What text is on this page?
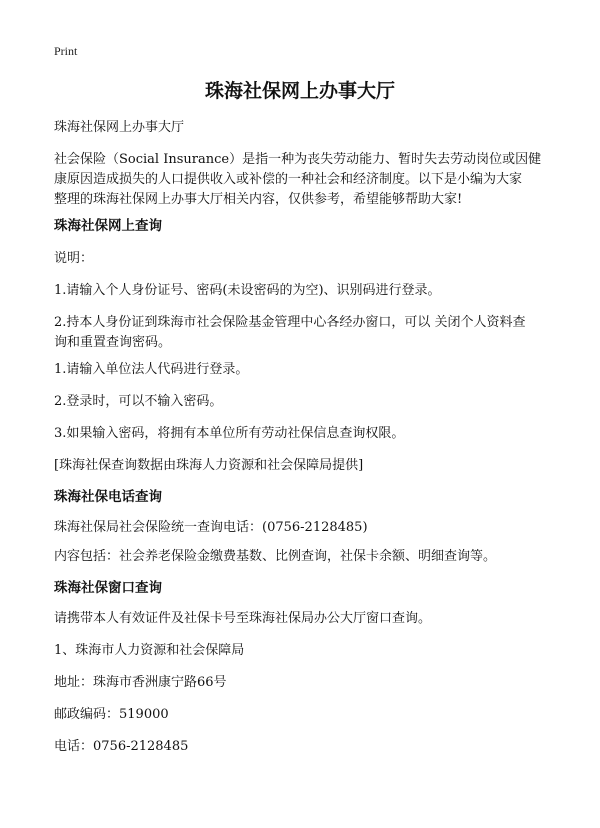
Print
珠海社保网上办事大厅
珠海社保网上办事大厅
社会保险（Social Insurance）是指一种为丧失劳动能力、暂时失去劳动岗位或因健
康原因造成损失的人口提供收入或补偿的一种社会和经济制度。以下是小编为大家
整理的珠海社保网上办事大厅相关内容，仅供参考，希望能够帮助大家!
珠海社保网上查询
说明：
1.请输入个人身份证号、密码(未设密码的为空)、识别码进行登录。
2.持本人身份证到珠海市社会保险基金管理中心各经办窗口，可以 关闭个人资料查
询和重置查询密码。
1.请输入单位法人代码进行登录。
2.登录时，可以不输入密码。
3.如果输入密码，将拥有本单位所有劳动社保信息查询权限。
[珠海社保查询数据由珠海人力资源和社会保障局提供]
珠海社保电话查询
珠海社保局社会保险统一查询电话：(0756-2128485)
内容包括：社会养老保险金缴费基数、比例查询，社保卡余额、明细查询等。
珠海社保窗口查询
请携带本人有效证件及社保卡号至珠海社保局办公大厅窗口查询。
1、珠海市人力资源和社会保障局
地址：珠海市香洲康宁路66号
邮政编码：519000
电话：0756-2128485
